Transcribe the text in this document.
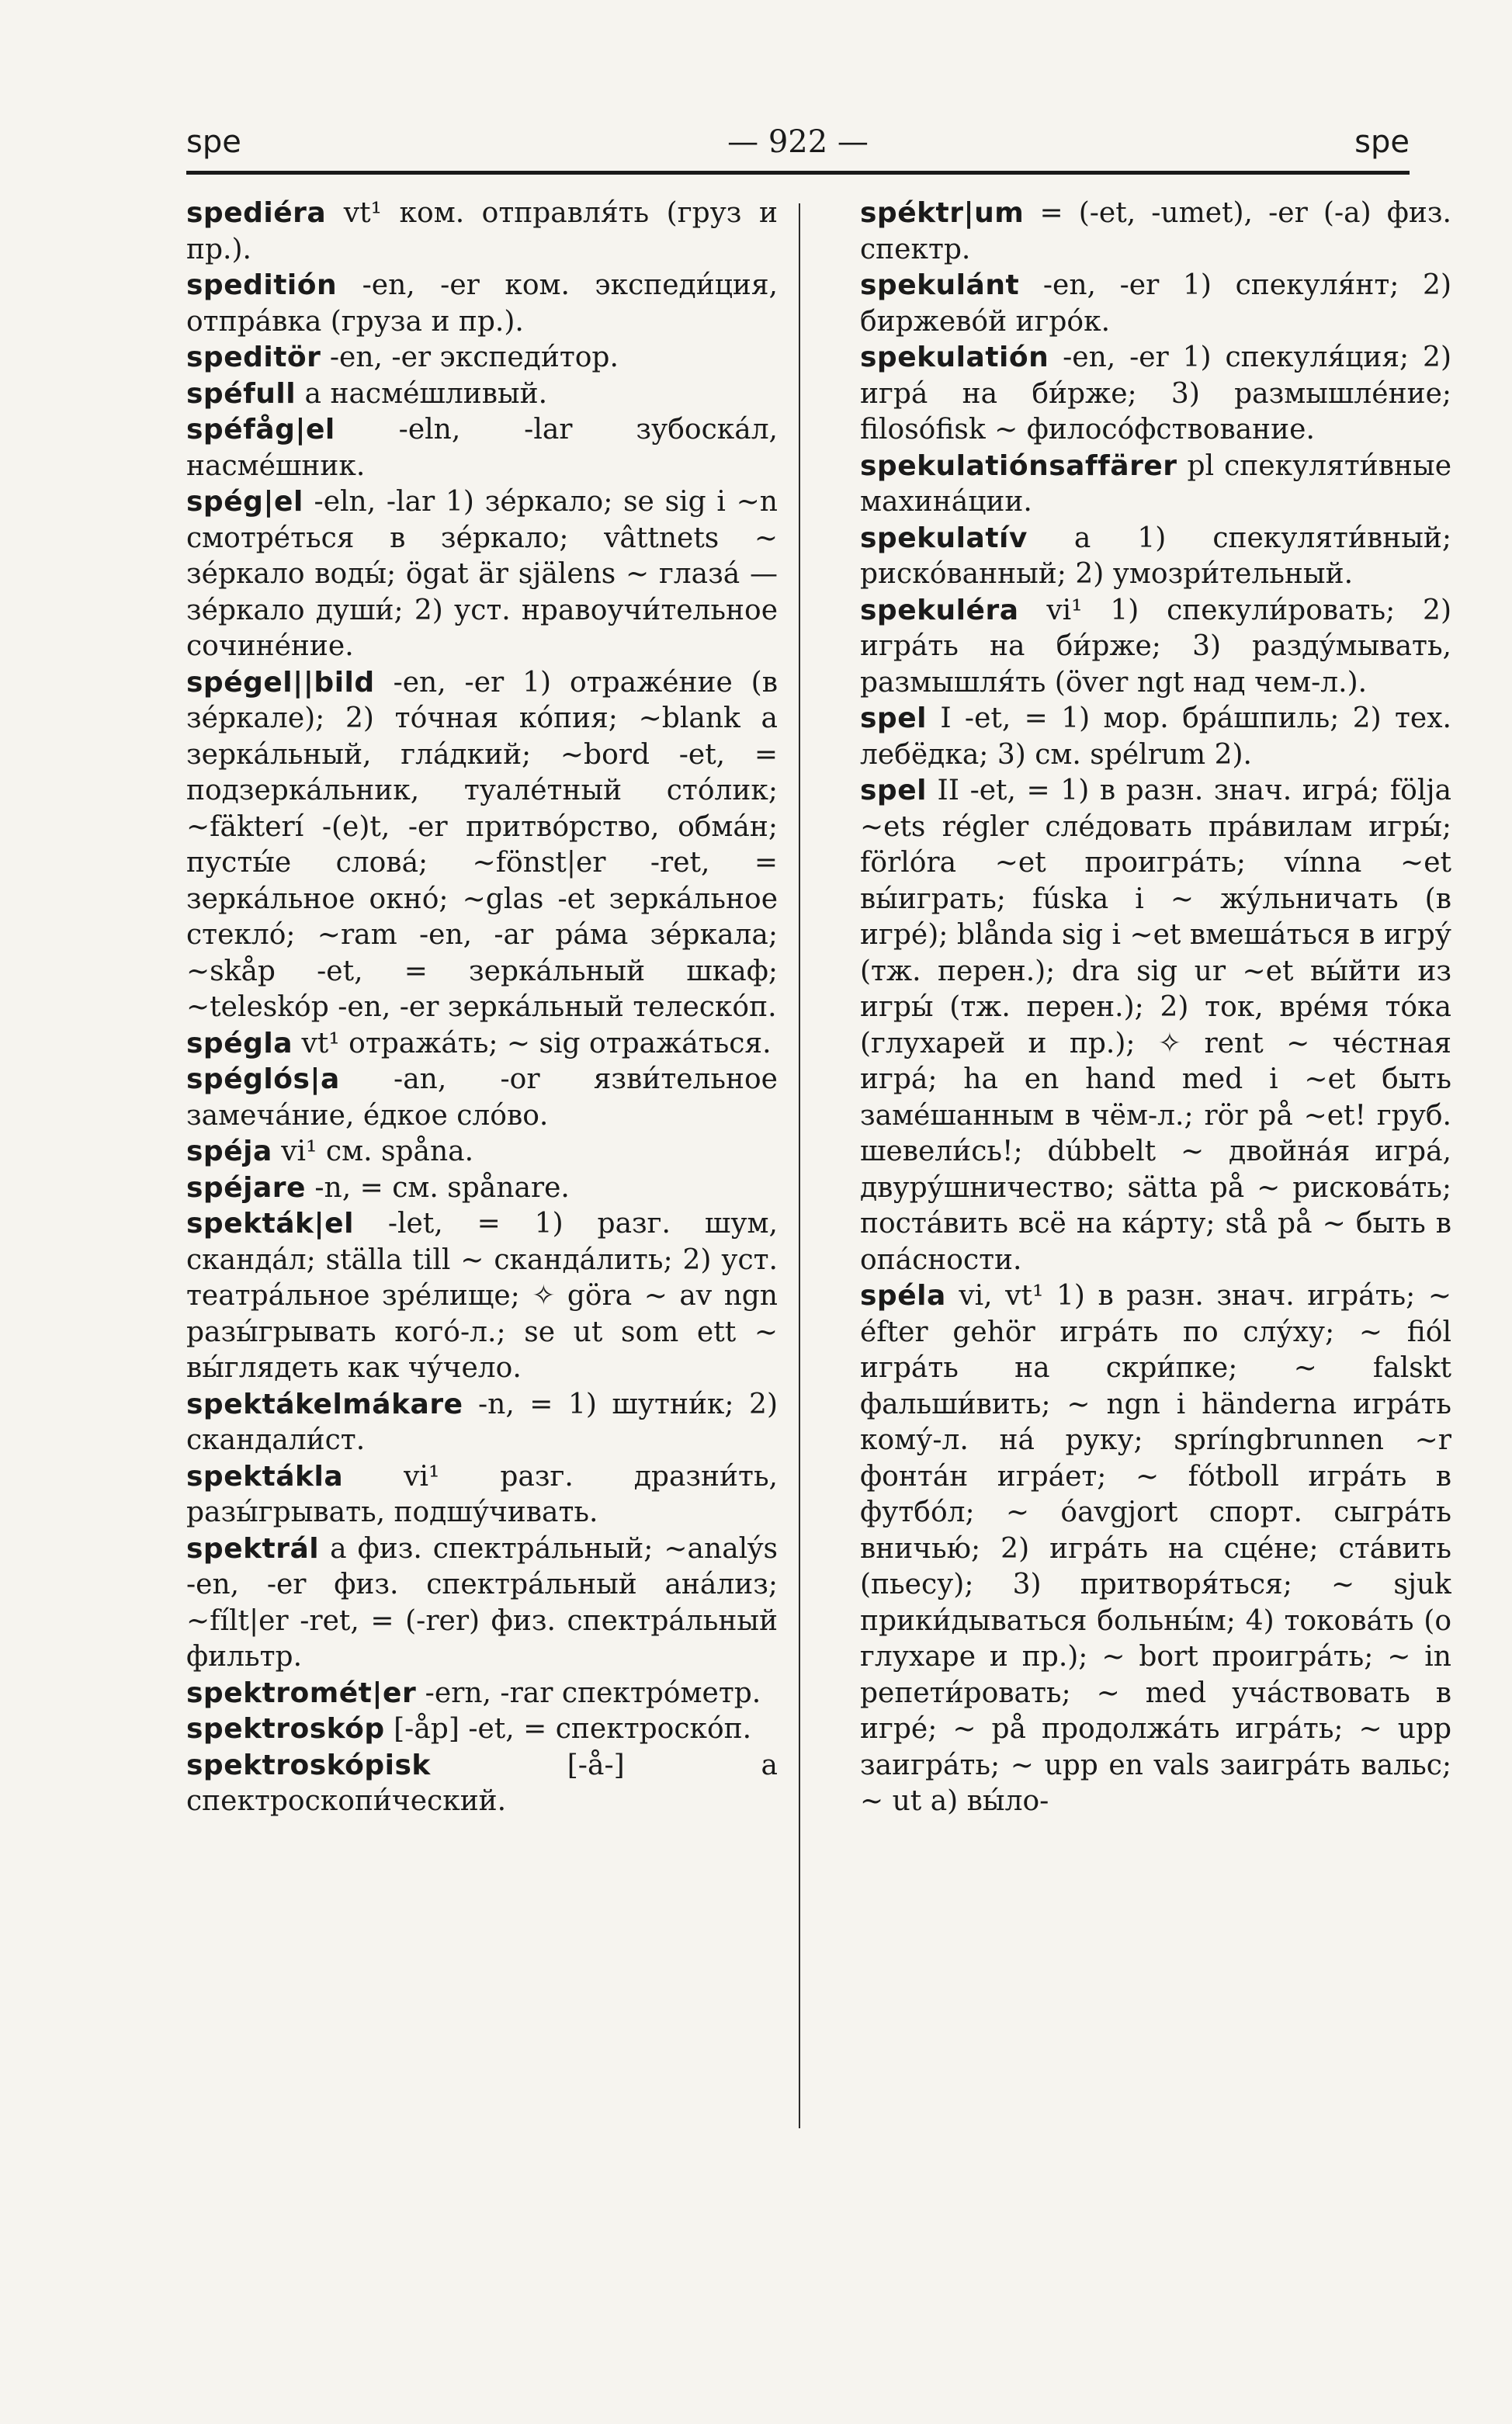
spe	— 922 —	spe

spediéra vt¹ ком. отправля́ть (груз и пр.).

speditión -en, -er ком. экспеди́ция, отпра́вка (груза и пр.).

speditör -en, -er экспеди́тор.

spéfull a насме́шливый.

spéfåg|el -eln, -lar зубоска́л, насме́шник.

spég|el -eln, -lar 1) зе́ркало; se sig i ~n смотре́ться в зе́ркало; vâttnets ~ зе́ркало воды́; ögat är själens ~ глаза́ — зе́ркало души́; 2) уст. нравоучи́тельное сочине́ние.

spégel||bild -en, -er 1) отраже́ние (в зе́ркале); 2) то́чная ко́пия; ~blank a зерка́льный, гла́дкий; ~bord -et, = подзерка́льник, туале́тный сто́лик; ~fäkterí -(e)t, -er притво́рство, обма́н; пусты́е слова́; ~fönst|er -ret, = зерка́льное окно́; ~glas -et зерка́льное стекло́; ~ram -en, -ar ра́ма зе́ркала; ~skåp -et, = зерка́льный шкаф; ~teleskóp -en, -er зерка́льный телеско́п.

spégla vt¹ отража́ть; ~ sig отража́ться.

spéglós|a -an, -or язви́тельное замеча́ние, е́дкое сло́во.

spéja vi¹ см. spåna.

spéjare -n, = см. spånare.

spekták|el -let, = 1) разг. шум, сканда́л; ställa till ~ сканда́лить; 2) уст. театра́льное зре́лище; ✧ göra ~ av ngn разы́грывать кого́-л.; se ut som ett ~ вы́глядеть как чу́чело.

spektákelmákare -n, = 1) шутни́к; 2) скандали́ст.

spektákla vi¹ разг. дразни́ть, разы́грывать, подшу́чивать.

spektrál a физ. спектра́льный; ~analýs -en, -er физ. спектра́льный ана́лиз; ~fílt|er -ret, = (-rer) физ. спектра́льный фильтр.

spektromét|er -ern, -rar спектро́метр.

spektroskóp [-åp] -et, = спектроско́п.

spektroskópisk	[-å-] a спектроскопи́ческий.

spéktr|um = (-et, -umet), -er (-a) физ. спектр.

spekulánt -en, -er 1) спекуля́нт; 2) биржево́й игро́к.

spekulatión -en, -er 1) спекуля́ция; 2) игра́ на би́рже; 3) размышле́ние; filosófisk ~ филосо́фствование.

spekulatiónsaffärer pl спекуляти́вные махина́ции.

spekulatív a 1) спекуляти́вный; риско́ванный; 2) умозри́тельный.

spekuléra vi¹ 1) спекули́ровать; 2) игра́ть на би́рже; 3) разду́мывать, размышля́ть (över ngt над чем-л.).

spel I -et, = 1) мор. бра́шпиль; 2) тех. лебёдка; 3) см. spélrum 2).

spel II -et, = 1) в разн. знач. игра́; följa ~ets régler сле́довать пра́вилам игры́; förlóra ~et проигра́ть; vínna ~et вы́играть; fúska i ~ жу́льничать (в игре́); blånda sig i ~et вмеша́ться в игру́ (тж. перен.); dra sig ur ~et вы́йти из игры́ (тж. перен.); 2) ток, вре́мя то́ка (глухарей и пр.); ✧ rent ~ че́стная игра́; ha en hand med i ~et быть заме́шанным в чём-л.; rör på ~et! груб. шевели́сь!; dúbbelt ~ двойна́я игра́, двуру́шничество; sätta på ~ рискова́ть; поста́вить всё на ка́рту; stå på ~ быть в опа́сности.

spéla vi, vt¹ 1) в разн. знач. игра́ть; ~ éfter gehör игра́ть по слу́ху; ~ fiól игра́ть на скри́пке; ~ falskt фальши́вить; ~ ngn i händerna игра́ть кому́-л. на́ руку; spríngbrunnen ~r фонта́н игра́ет; ~ fótboll игра́ть в футбо́л; ~ óavgjort спорт. сыгра́ть вничью́; 2) игра́ть на сце́не; ста́вить (пьесу); 3) притворя́ться; ~ sjuk прики́дываться больны́м; 4) токова́ть (о глухаре и пр.); ~ bort проигра́ть; ~ in репети́ровать; ~ med уча́ствовать в игре́; ~ på продолжа́ть игра́ть; ~ upp заигра́ть; ~ upp en vals заигра́ть вальс; ~ ut а) вы́ло-
